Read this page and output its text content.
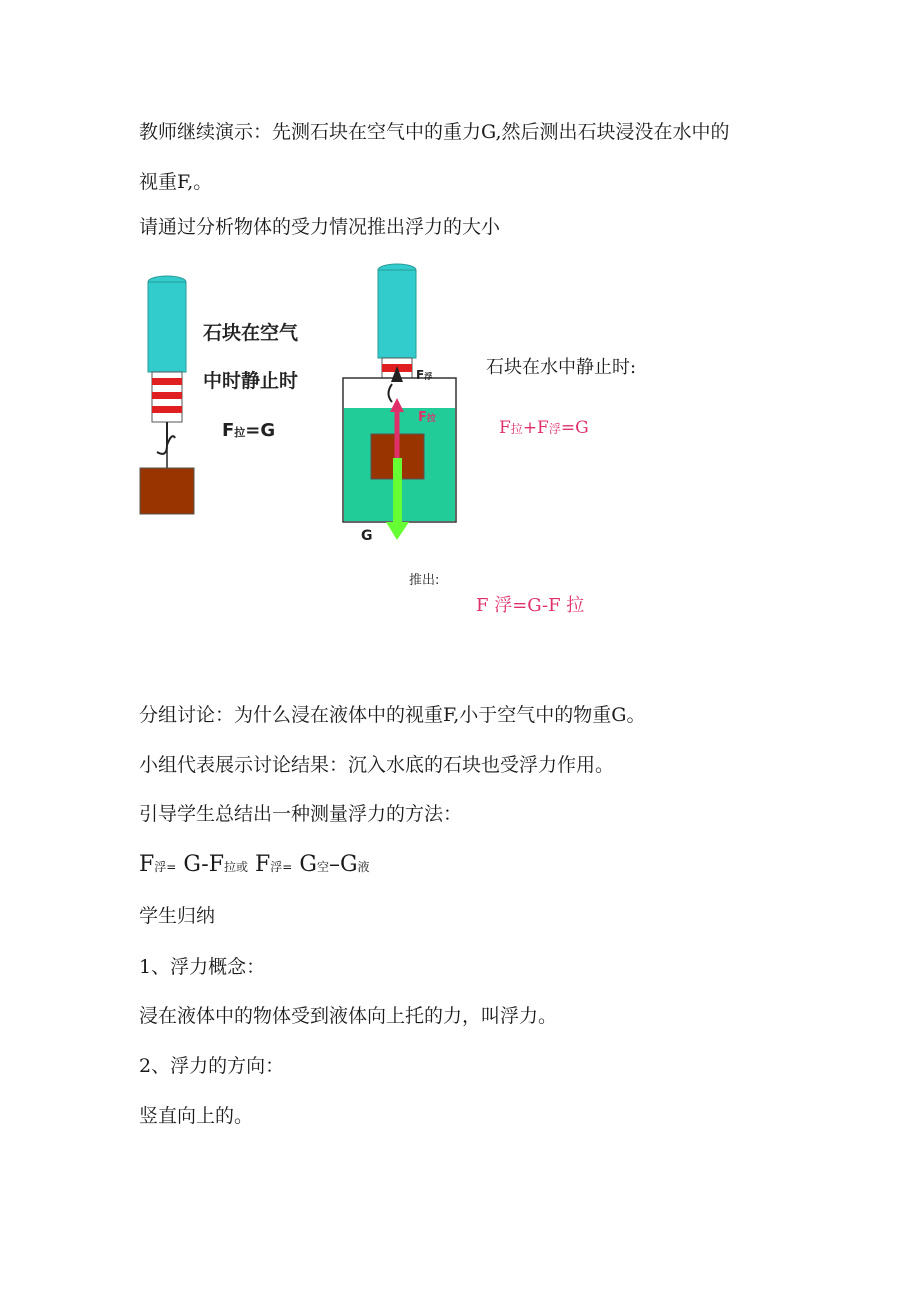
教师继续演示：先测石块在空气中的重力G,然后测出石块浸没在水中的
视重F,。
请通过分析物体的受力情况推出浮力的大小
石块在空气
中时静止时
F拉=G
F浮
F拉
G
石块在水中静止时:
F拉+F浮=G
推出:
F 浮=G-F 拉
分组讨论：为什么浸在液体中的视重F,小于空气中的物重G。
小组代表展示讨论结果：沉入水底的石块也受浮力作用。
引导学生总结出一种测量浮力的方法：
F浮= G-F拉或 F浮= G空–G液
学生归纳
1、浮力概念：
浸在液体中的物体受到液体向上托的力，叫浮力。
2、浮力的方向：
竖直向上的。
